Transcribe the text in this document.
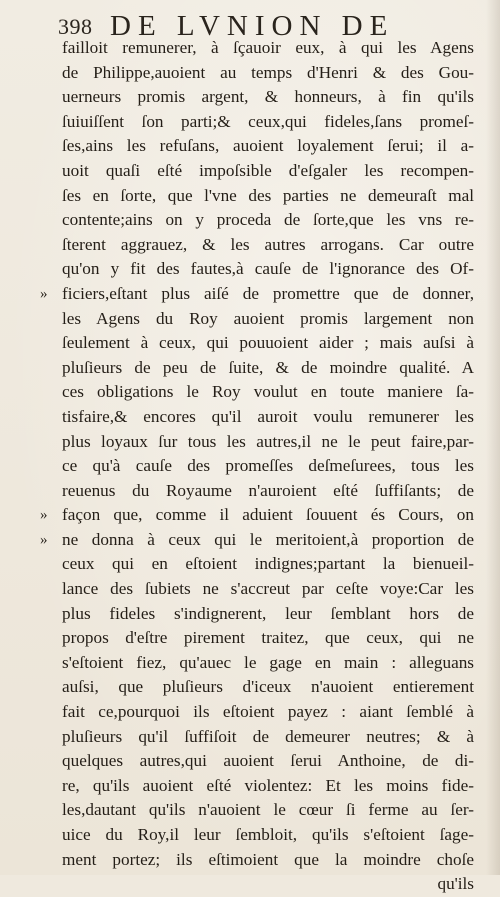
398 DE LVNION DE
failloit remunerer, à ſçauoir eux, à qui les Agens
de Philippe,auoient au temps d'Henri & des Gou-
uerneurs promis argent, & honneurs, à fin qu'ils
ſuiuiſſent ſon parti;& ceux,qui fideles,ſans promeſ-
ſes,ains les refuſans, auoient loyalement ſerui; il a-
uoit quaſi eſté impoſsible d'eſgaler les recompen-
ſes en ſorte, que l'vne des parties ne demeuraſt mal
contente;ains on y proceda de ſorte,que les vns re-
ſterent aggrauez, & les autres arrogans. Car outre
qu'on y fit des fautes,à cauſe de l'ignorance des Of-
» ficiers,eſtant plus aiſé de promettre que de donner,
les Agens du Roy auoient promis largement non
ſeulement à ceux, qui pouuoient aider ; mais auſsi à
pluſieurs de peu de ſuite, & de moindre qualité. A
ces obligations le Roy voulut en toute maniere ſa-
tisfaire,& encores qu'il auroit voulu remunerer les
plus loyaux ſur tous les autres,il ne le peut faire,par-
ce qu'à cauſe des promeſſes deſmeſurees, tous les
reuenus du Royaume n'auroient eſté ſuffiſants; de
» façon que, comme il aduient ſouuent és Cours, on
» ne donna à ceux qui le meritoient,à proportion de
ceux qui en eſtoient indignes;partant la bienueil-
lance des ſubiets ne s'accreut par ceſte voye:Car les
plus fideles s'indignerent, leur ſemblant hors de
propos d'eſtre pirement traitez, que ceux, qui ne
s'eſtoient fiez, qu'auec le gage en main : alleguans
auſsi, que pluſieurs d'iceux n'auoient entierement
fait ce,pourquoi ils eſtoient payez : aiant ſemblé à
pluſieurs qu'il ſuffiſoit de demeurer neutres; & à
quelques autres,qui auoient ſerui Anthoine, de di-
re, qu'ils auoient eſté violentez: Et les moins fide-
les,dautant qu'ils n'auoient le cœur ſi ferme au ſer-
uice du Roy,il leur ſembloit, qu'ils s'eſtoient ſage-
ment portez; ils eſtimoient que la moindre choſe
qu'ils
